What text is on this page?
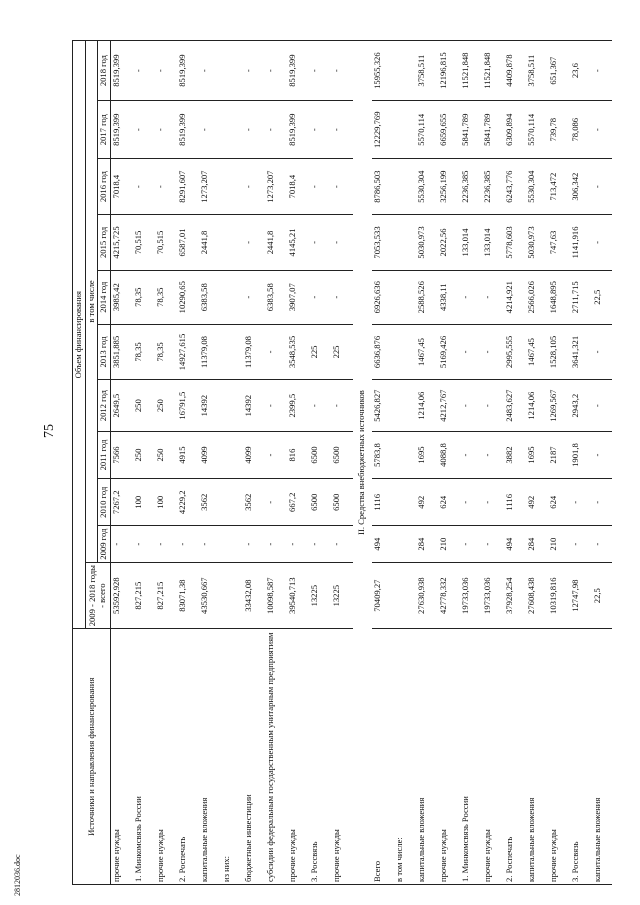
75
2812036.doc
Источники и направления финансирования	Объем финансирования										
	2009 - 2018 годы - всего	в том числе									
		2009 год	2010 год	2011 год	2012 год	2013 год	2014 год	2015 год	2016 год	2017 год	2018 год
прочие нужды	53592,928	-	7267,2	7566	2649,5	3851,885	3985,42	4215,725	7018,4	8519,399	8519,399
1. Минкомсвязь России	827,215	-	100	250	250	78,35	78,35	70,515	-	-	-
прочие нужды	827,215	-	100	250	250	78,35	78,35	70,515	-	-	-
2. Роспечать	83071,38	-	4229,2	4915	16791,5	14927,615	10290,65	6587,01	8291,607	8519,399	8519,399
капитальные вложения	43530,667	-	3562	4099	14392	11379,08	6383,58	2441,8	1273,207	-	-
из них:											
бюджетные инвестиции	33432,08	-	3562	4099	14392	11379,08	-	-	-	-	-
субсидии федеральным государственным унитарным предприятиям	10098,587	-	-	-	-	-	6383,58	2441,8	1273,207	-	-
прочие нужды	39540,713	-	667,2	816	2399,5	3548,535	3907,07	4145,21	7018,4	8519,399	8519,399
3. Россвязь	13225	-	6500	6500	-	225	-	-	-	-	-
прочие нужды	13225	-	6500	6500	-	225	-	-	-	-	-
II. Средства внебюджетных источников											
Всего	70409,27	494	1116	5783,8	5426,827	6636,876	6926,636	7053,533	8786,503	12229,769	15955,326
в том числе:											
капитальные вложения	27630,938	284	492	1695	1214,06	1467,45	2588,526	5030,973	5530,304	5570,114	3758,511
прочие нужды	42778,332	210	624	4088,8	4212,767	5169,426	4338,11	2022,56	3256,199	6659,655	12196,815
1. Минкомсвязь России	19733,036	-	-	-	-	-	-	133,014	2236,385	5841,789	11521,848
прочие нужды	19733,036	-	-	-	-	-	-	133,014	2236,385	5841,789	11521,848
2. Роспечать	37928,254	494	1116	3882	2483,627	2995,555	4214,921	5778,603	6243,776	6309,894	4409,878
капитальные вложения	27608,438	284	492	1695	1214,06	1467,45	2566,026	5030,973	5530,304	5570,114	3758,511
прочие нужды	10319,816	210	624	2187	1269,567	1528,105	1648,895	747,63	713,472	739,78	651,367
3. Россвязь	12747,98	-	-	1901,8	2943,2	3641,321	2711,715	1141,916	306,342	78,086	23,6
капитальные вложения	22,5	-	-	-	-	-	22,5	-	-	-	-
